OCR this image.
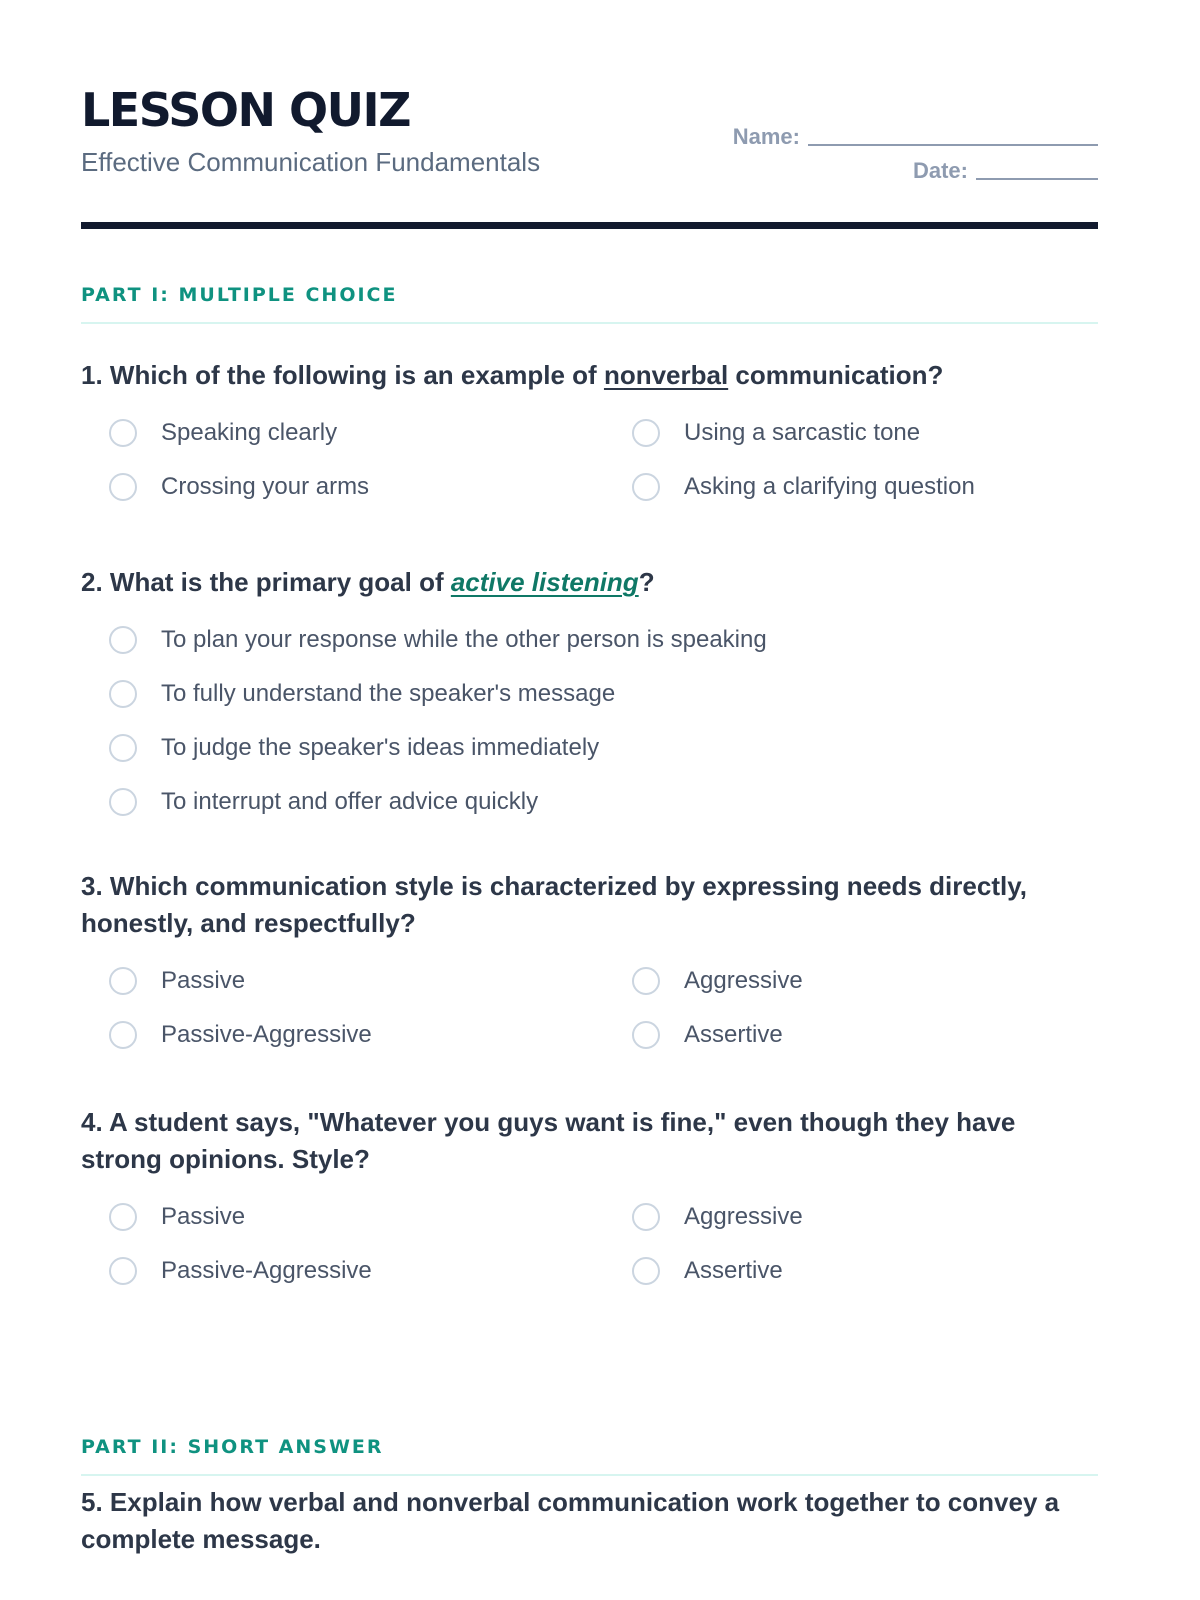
LESSON QUIZ
Effective Communication Fundamentals
Name:
Date:
PART I: MULTIPLE CHOICE

1. Which of the following is an example of nonverbal communication?

Speaking clearly	Using a sarcastic tone
Crossing your arms	Asking a clarifying question

2. What is the primary goal of active listening?

To plan your response while the other person is speaking
To fully understand the speaker's message
To judge the speaker's ideas immediately
To interrupt and offer advice quickly

3. Which communication style is characterized by expressing needs directly, honestly, and respectfully?

Passive	Aggressive
Passive-Aggressive	Assertive

4. A student says, "Whatever you guys want is fine," even though they have strong opinions. Style?

Passive	Aggressive
Passive-Aggressive	Assertive
PART II: SHORT ANSWER

5. Explain how verbal and nonverbal communication work together to convey a complete message.
